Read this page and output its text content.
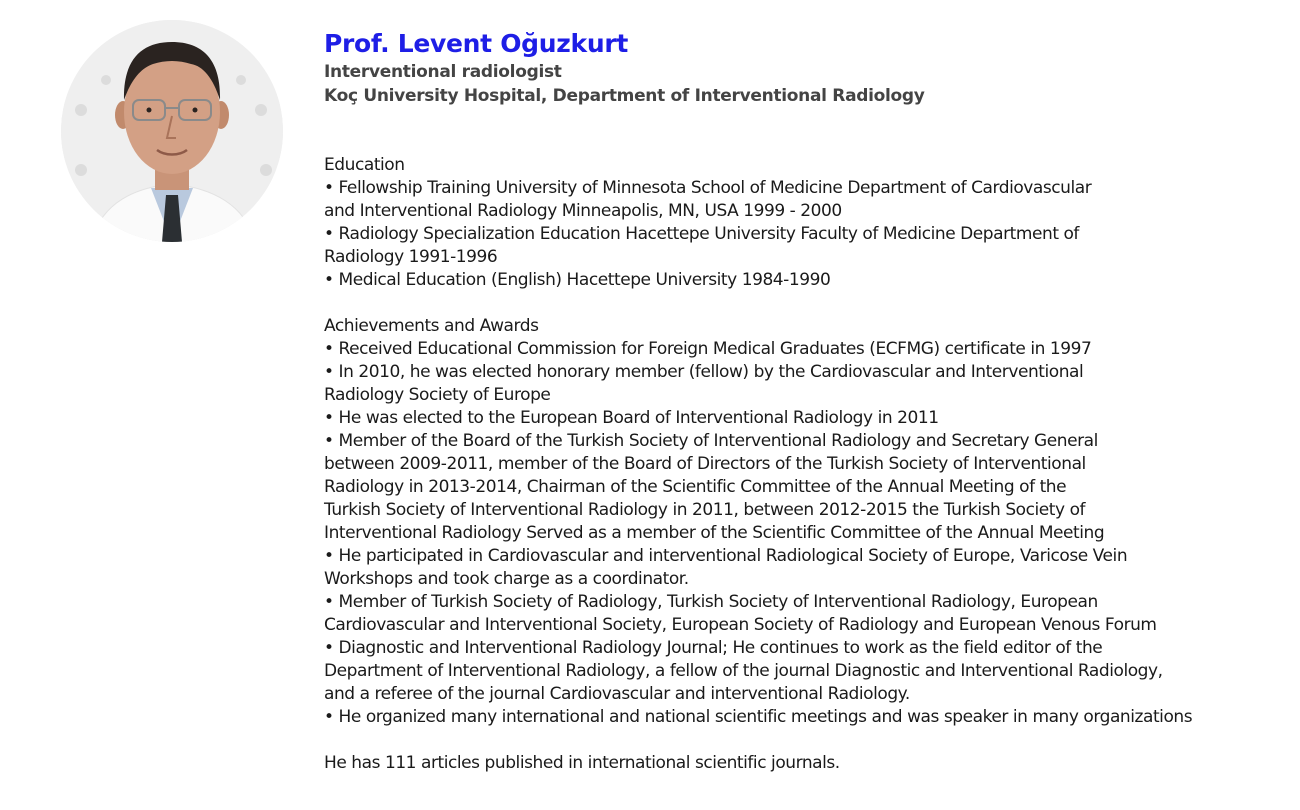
Prof. Levent Oğuzkurt

Interventional radiologist

Koç University Hospital, Department of Interventional Radiology

Education

• Fellowship Training University of Minnesota School of Medicine Department of Cardiovascular

and Interventional Radiology Minneapolis, MN, USA 1999 - 2000

• Radiology Specialization Education Hacettepe University Faculty of Medicine Department of

Radiology 1991-1996

• Medical Education (English) Hacettepe University 1984-1990

Achievements and Awards

• Received Educational Commission for Foreign Medical Graduates (ECFMG) certificate in 1997

• In 2010, he was elected honorary member (fellow) by the Cardiovascular and Interventional

Radiology Society of Europe

• He was elected to the European Board of Interventional Radiology in 2011

• Member of the Board of the Turkish Society of Interventional Radiology and Secretary General

between 2009-2011, member of the Board of Directors of the Turkish Society of Interventional

Radiology in 2013-2014, Chairman of the Scientific Committee of the Annual Meeting of the

Turkish Society of Interventional Radiology in 2011, between 2012-2015 the Turkish Society of

Interventional Radiology Served as a member of the Scientific Committee of the Annual Meeting

• He participated in Cardiovascular and interventional Radiological Society of Europe, Varicose Vein

Workshops and took charge as a coordinator.

• Member of Turkish Society of Radiology, Turkish Society of Interventional Radiology, European

Cardiovascular and Interventional Society, European Society of Radiology and European Venous Forum

• Diagnostic and Interventional Radiology Journal; He continues to work as the field editor of the

Department of Interventional Radiology, a fellow of the journal Diagnostic and Interventional Radiology,

and a referee of the journal Cardiovascular and interventional Radiology.

• He organized many international and national scientific meetings and was speaker in many organizations

He has 111 articles published in international scientific journals.
